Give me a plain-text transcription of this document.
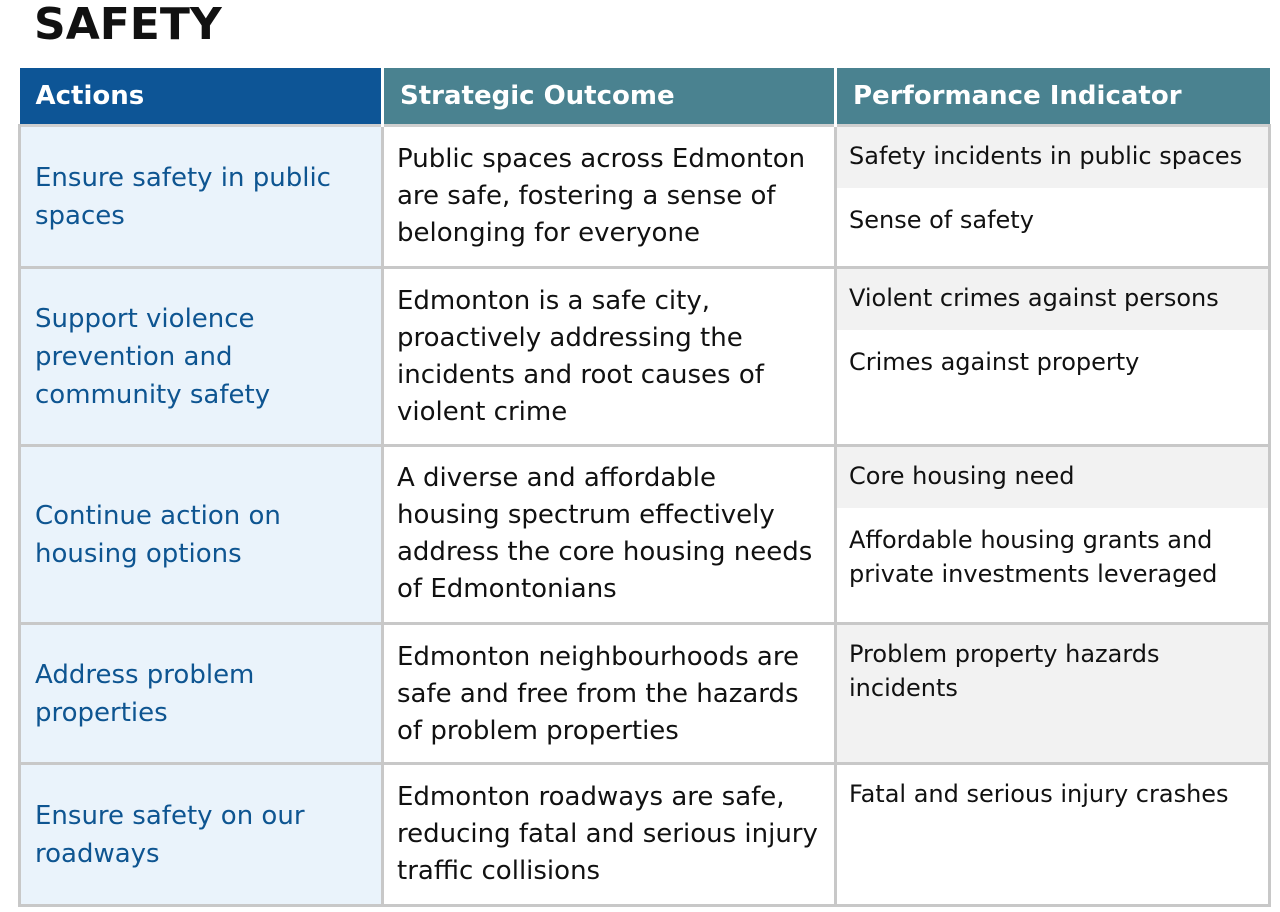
SAFETY
Actions	Strategic Outcome	Performance Indicator
Ensure safety in public spaces	Public spaces across Edmonton are safe, fostering a sense of belonging for everyone	Safety incidents in public spaces
Sense of safety

Support violence prevention and community safety	Edmonton is a safe city, proactively addressing the incidents and root causes of violent crime	Violent crimes against persons
Crimes against property

Continue action on housing options	A diverse and affordable housing spectrum effectively address the core housing needs of Edmontonians	Core housing need
Affordable housing grants and private investments leveraged

Address problem properties	Edmonton neighbourhoods are safe and free from the hazards of problem properties	Problem property hazards incidents

Ensure safety on our roadways	Edmonton roadways are safe, reducing fatal and serious injury traffic collisions	Fatal and serious injury crashes
